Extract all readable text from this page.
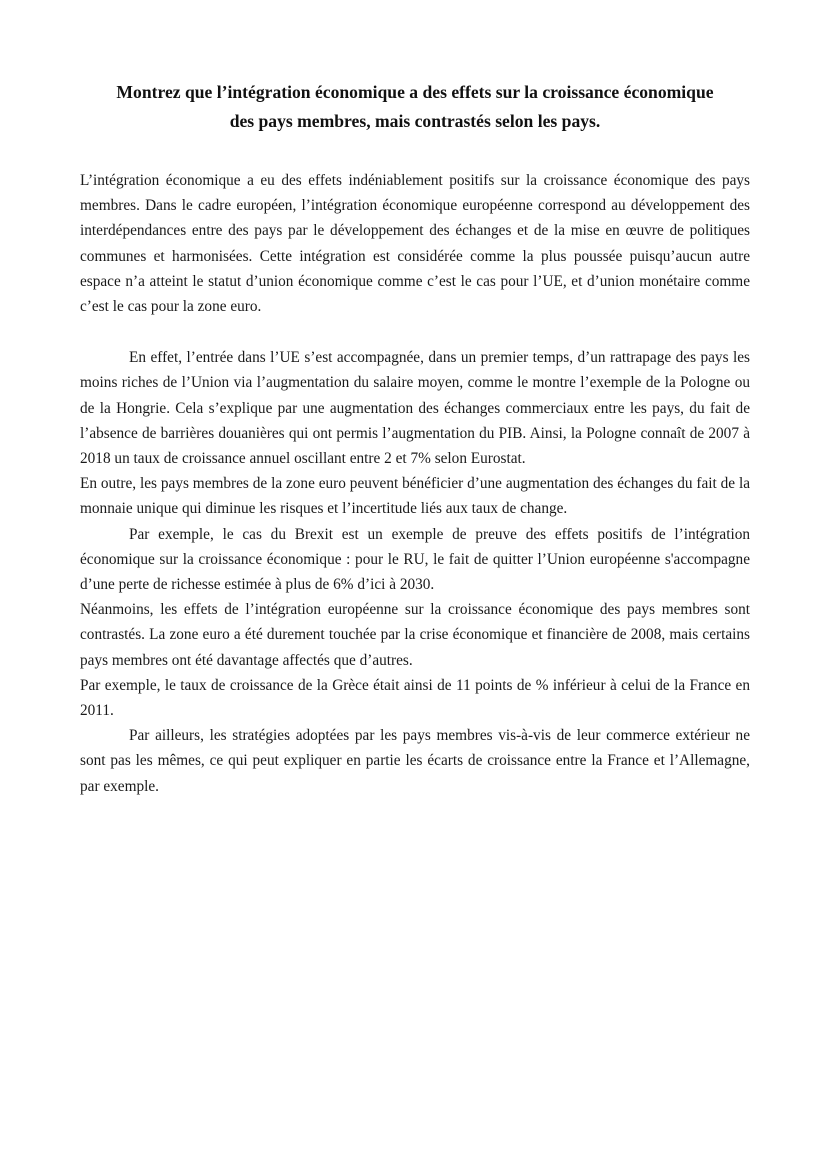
Montrez que l’intégration économique a des effets sur la croissance économique
des pays membres, mais contrastés selon les pays.

L’intégration économique a eu des effets indéniablement positifs sur la croissance économique des pays membres. Dans le cadre européen, l’intégration économique européenne correspond au développement des interdépendances entre des pays par le développement des échanges et de la mise en œuvre de politiques communes et harmonisées. Cette intégration est considérée comme la plus poussée puisqu’aucun autre espace n’a atteint le statut d’union économique comme c’est le cas pour l’UE, et d’union monétaire comme c’est le cas pour la zone euro.

En effet, l’entrée dans l’UE s’est accompagnée, dans un premier temps, d’un rattrapage des pays les moins riches de l’Union via l’augmentation du salaire moyen, comme le montre l’exemple de la Pologne ou de la Hongrie. Cela s’explique par une augmentation des échanges commerciaux entre les pays, du fait de l’absence de barrières douanières qui ont permis l’augmentation du PIB. Ainsi, la Pologne connaît de 2007 à 2018 un taux de croissance annuel oscillant entre 2 et 7% selon Eurostat.

En outre, les pays membres de la zone euro peuvent bénéficier d’une augmentation des échanges du fait de la monnaie unique qui diminue les risques et l’incertitude liés aux taux de change.

Par exemple, le cas du Brexit est un exemple de preuve des effets positifs de l’intégration économique sur la croissance économique : pour le RU, le fait de quitter l’Union européenne s'accompagne d’une perte de richesse estimée à plus de 6% d’ici à 2030.

Néanmoins, les effets de l’intégration européenne sur la croissance économique des pays membres sont contrastés. La zone euro a été durement touchée par la crise économique et financière de 2008, mais certains pays membres ont été davantage affectés que d’autres.

Par exemple, le taux de croissance de la Grèce était ainsi de 11 points de % inférieur à celui de la France en 2011.

Par ailleurs, les stratégies adoptées par les pays membres vis-à-vis de leur commerce extérieur ne sont pas les mêmes, ce qui peut expliquer en partie les écarts de croissance entre la France et l’Allemagne, par exemple.
